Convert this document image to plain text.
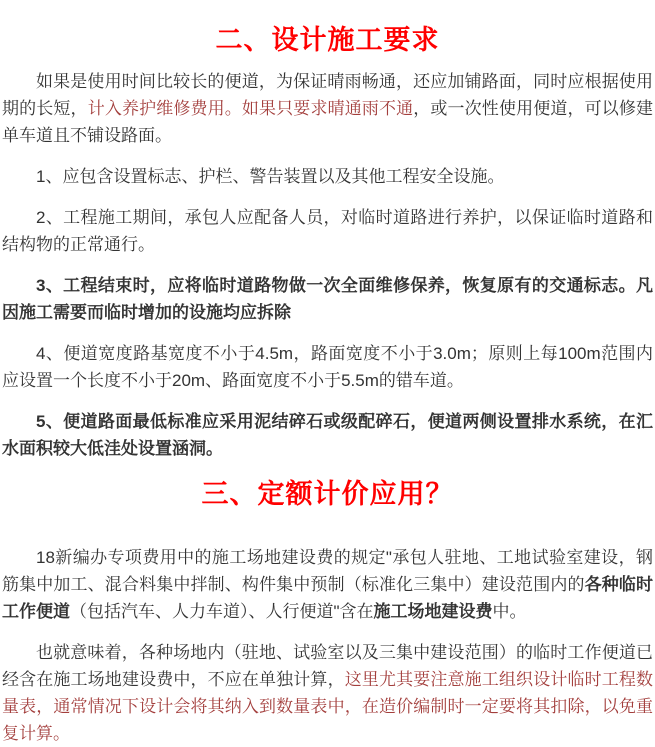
二、设计施工要求

如果是使用时间比较长的便道，为保证晴雨畅通，还应加铺路面，同时应根据使用期的长短，计入养护维修费用。如果只要求晴通雨不通，或一次性使用便道，可以修建单车道且不铺设路面。

1、应包含设置标志、护栏、警告装置以及其他工程安全设施。

2、工程施工期间，承包人应配备人员，对临时道路进行养护，以保证临时道路和结构物的正常通行。

3、工程结束时，应将临时道路物做一次全面维修保养，恢复原有的交通标志。凡因施工需要而临时增加的设施均应拆除

4、便道宽度路基宽度不小于4.5m，路面宽度不小于3.0m；原则上每100m范围内应设置一个长度不小于20m、路面宽度不小于5.5m的错车道。

5、便道路面最低标准应采用泥结碎石或级配碎石，便道两侧设置排水系统，在汇水面积较大低洼处设置涵洞。

三、定额计价应用？

18新编办专项费用中的施工场地建设费的规定"承包人驻地、工地试验室建设，钢筋集中加工、混合料集中拌制、构件集中预制（标准化三集中）建设范围内的各种临时工作便道（包括汽车、人力车道）、人行便道"含在施工场地建设费中。

也就意味着，各种场地内（驻地、试验室以及三集中建设范围）的临时工作便道已经含在施工场地建设费中，不应在单独计算，这里尤其要注意施工组织设计临时工程数量表，通常情况下设计会将其纳入到数量表中，在造价编制时一定要将其扣除，以免重复计算。
